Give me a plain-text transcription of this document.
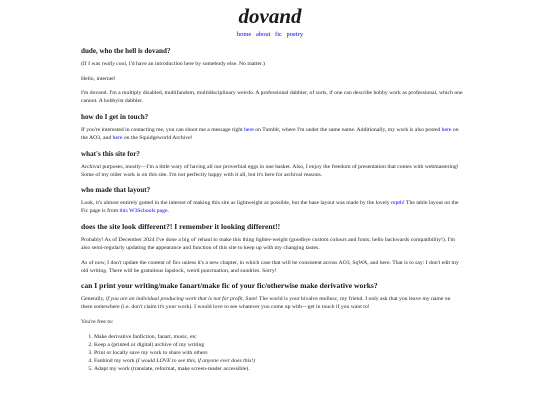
dovand
home about fic poetry
dude, who the hell is dovand?

(If I was really cool, I'd have an introduction here by somebody else. No matter.)

Hello, internet!

I'm dovand. I'm a multiply disabled, multifandom, multidisciplinary weirdo. A professional dabbler, of sorts, if one can describe hobby work as professional, which one cannot. A hobbyist dabbler.

how do I get in touch?

If you're interested in contacting me, you can shoot me a message right here on Tumblr, where I'm under the same name. Additionally, my work is also posted here on the AO3, and here on the Squidgeworld Archive!

what's this site for?

Archival purposes, mostly—I'm a little wary of having all our proverbial eggs in one basket. Also, I enjoy the freedom of presentation that comes with webmastering! Some of my older work is on this site. I'm not perfectly happy with it all, but it's here for archival reasons.

who made that layout?

Look, it's almost entirely gutted in the interest of making this site as lightweight as possible, but the base layout was made by the lovely repth! The table layout on the Fic page is from this W3Schools page.

does the site look different?! I remember it looking different!!

Probably! As of December 2024 I've done a big ol' rehaul to make this thing lighter-weight (goodbye custom colours and fonts; hello backwards compatibility!). I'm also semi-regularly updating the appearance and function of this site to keep up with my changing tastes.

As of now, I don't update the content of fics unless it's a new chapter, in which case that will be consistent across AO3, SqWA, and here. That is to say: I don't edit my old writing. There will be gratuitous lapslock, weird punctuation, and sundries. Sorry!

can I print your writing/make fanart/make fic of your fic/otherwise make derivative works?

Generally, if you are an individual producing work that is not for profit, Sure! The world is your bivalve mollusc, my friend. I only ask that you leave my name on there somewhere (i.e. don't claim it's your work). I would love to see whatever you come up with—get in touch if you want to!

You're free to:

1. Make derivative fanfiction, fanart, music, etc
2. Keep a (printed or digital) archive of my writing
3. Print or locally save my work to share with others
4. Fanbind my work (I would LOVE to see this, if anyone ever does this!)
5. Adapt my work (translate, reformat, make screen-reader accessible).
